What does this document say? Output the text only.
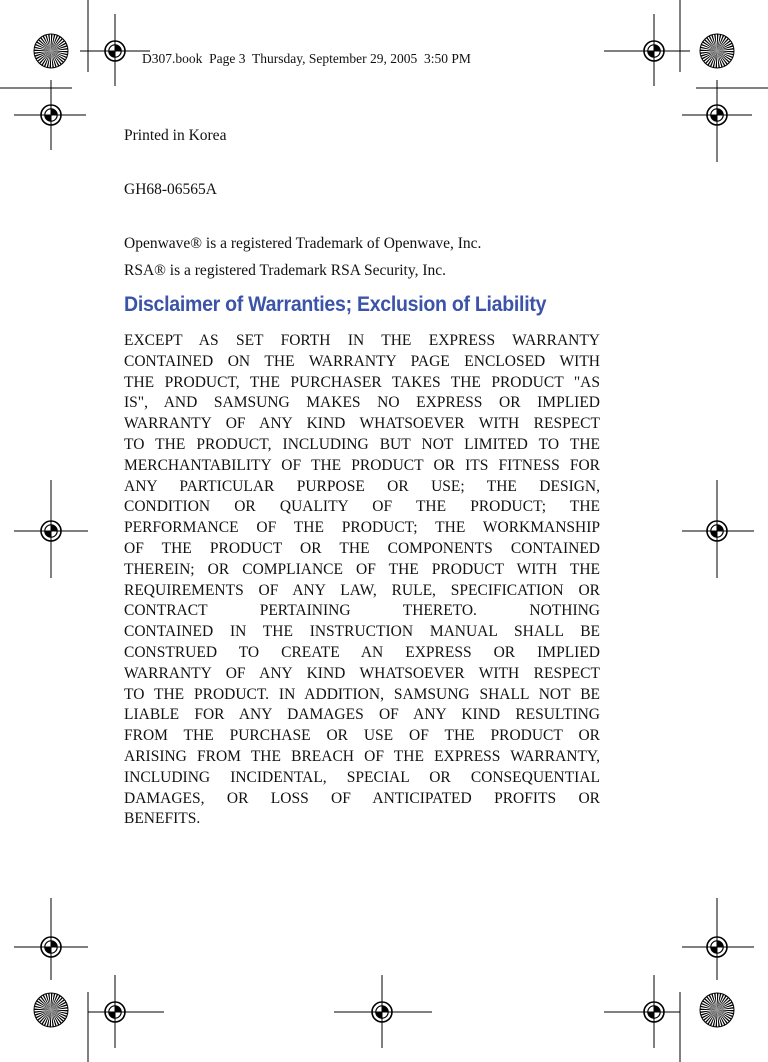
D307.book  Page 3  Thursday, September 29, 2005  3:50 PM
Printed in Korea
GH68-06565A
Openwave® is a registered Trademark of Openwave, Inc.
RSA® is a registered Trademark RSA Security, Inc.
Disclaimer of Warranties; Exclusion of Liability
EXCEPT AS SET FORTH IN THE EXPRESS WARRANTY
CONTAINED ON THE WARRANTY PAGE ENCLOSED WITH
THE PRODUCT, THE PURCHASER TAKES THE PRODUCT "AS
IS", AND SAMSUNG MAKES NO EXPRESS OR IMPLIED
WARRANTY OF ANY KIND WHATSOEVER WITH RESPECT
TO THE PRODUCT, INCLUDING BUT NOT LIMITED TO THE
MERCHANTABILITY OF THE PRODUCT OR ITS FITNESS FOR
ANY PARTICULAR PURPOSE OR USE; THE DESIGN,
CONDITION OR QUALITY OF THE PRODUCT; THE
PERFORMANCE OF THE PRODUCT; THE WORKMANSHIP
OF THE PRODUCT OR THE COMPONENTS CONTAINED
THEREIN; OR COMPLIANCE OF THE PRODUCT WITH THE
REQUIREMENTS OF ANY LAW, RULE, SPECIFICATION OR
CONTRACT PERTAINING THERETO. NOTHING
CONTAINED IN THE INSTRUCTION MANUAL SHALL BE
CONSTRUED TO CREATE AN EXPRESS OR IMPLIED
WARRANTY OF ANY KIND WHATSOEVER WITH RESPECT
TO THE PRODUCT. IN ADDITION, SAMSUNG SHALL NOT BE
LIABLE FOR ANY DAMAGES OF ANY KIND RESULTING
FROM THE PURCHASE OR USE OF THE PRODUCT OR
ARISING FROM THE BREACH OF THE EXPRESS WARRANTY,
INCLUDING INCIDENTAL, SPECIAL OR CONSEQUENTIAL
DAMAGES, OR LOSS OF ANTICIPATED PROFITS OR
BENEFITS.
